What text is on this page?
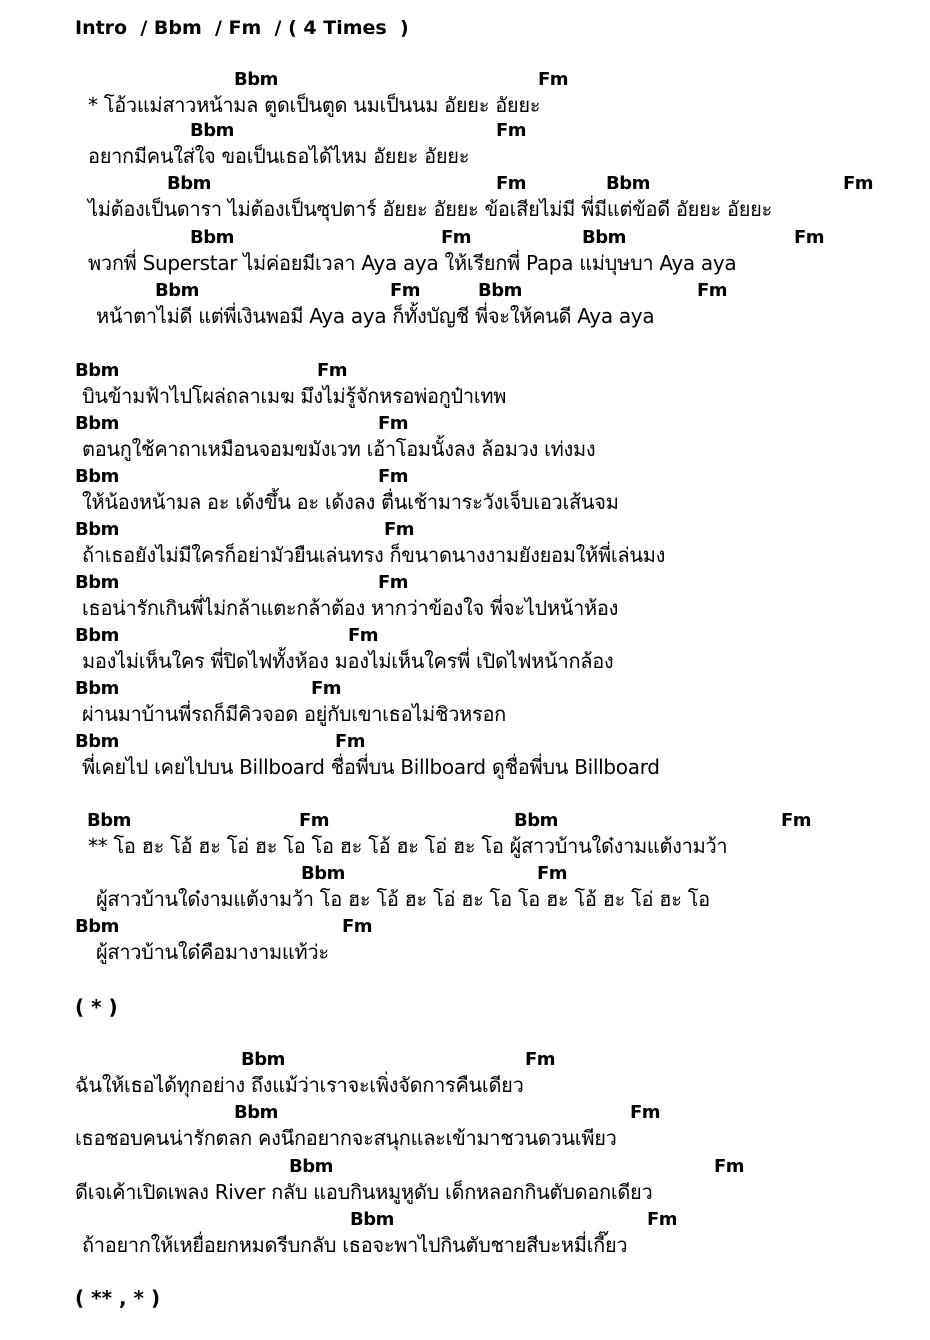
Intro  / Bbm  / Fm  / ( 4 Times  )
( * )
( ** , * )
Bbm	Fm
* โอ้วแม่สาวหน้ามล ตูดเป็นตูด นมเป็นนม อัยยะ อัยยะ
Bbm	Fm
อยากมีคนใส่ใจ ขอเป็นเธอได้ไหม อัยยะ อัยยะ
Bbm	Fm	Bbm	Fm
ไม่ต้องเป็นดารา ไม่ต้องเป็นซุปตาร์ อัยยะ อัยยะ ข้อเสียไม่มี พี่มีแต่ข้อดี อัยยะ อัยยะ
Bbm	Fm	Bbm	Fm
พวกพี่ Superstar ไม่ค่อยมีเวลา Aya aya ให้เรียกพี่ Papa แม่บุษบา Aya aya
Bbm	Fm	Bbm	Fm
หน้าตาไม่ดี แต่พี่เงินพอมี Aya aya ก็ทั้งบัญชี พี่จะให้คนดี Aya aya
Bbm	Fm
บินข้ามฟ้าไปโผล่ถลาเมฆ มึงไม่รู้จักหรอพ่อกูป๋าเทพ
Bbm	Fm
ตอนกูใช้คาถาเหมือนจอมขมังเวท เอ้าโอมนั้งลง ล้อมวง เท่งมง
Bbm	Fm
ให้น้องหน้ามล อะ เด้งขึ้น อะ เด้งลง ตื่นเช้ามาระวังเจ็บเอวเส้นจม
Bbm	Fm
ถ้าเธอยังไม่มีใครก็อย่ามัวยืนเล่นทรง ก็ขนาดนางงามยังยอมให้พี่เล่นมง
Bbm	Fm
เธอน่ารักเกินพี่ไม่กล้าแตะกล้าต้อง หากว่าข้องใจ พี่จะไปหน้าห้อง
Bbm	Fm
มองไม่เห็นใคร พี่ปิดไฟทั้งห้อง มองไม่เห็นใครพี่ เปิดไฟหน้ากล้อง
Bbm	Fm
ผ่านมาบ้านพี่รถก็มีคิวจอด อยู่กับเขาเธอไม่ชิวหรอก
Bbm	Fm
พี่เคยไป เคยไปบน Billboard ชื่อพี่บน Billboard ดูชื่อพี่บน Billboard
Bbm	Fm	Bbm	Fm
** โอ ฮะ โอ้ ฮะ โอ่ ฮะ โอ โอ ฮะ โอ้ ฮะ โอ่ ฮะ โอ ผู้สาวบ้านใด๋งามแต้งามว้า
Bbm	Fm
ผู้สาวบ้านใด๋งามแต้งามว้า โอ ฮะ โอ้ ฮะ โอ่ ฮะ โอ โอ ฮะ โอ้ ฮะ โอ่ ฮะ โอ
Bbm	Fm
ผู้สาวบ้านใด๋คือมางามแท้ว่ะ
Bbm	Fm
ฉันให้เธอได้ทุกอย่าง ถึงแม้ว่าเราจะเพิ่งจัดการคืนเดียว
Bbm	Fm
เธอชอบคนน่ารักตลก คงนึกอยากจะสนุกและเข้ามาชวนดวนเพียว
Bbm	Fm
ดีเจเค้าเปิดเพลง River กลับ แอบกินหมูหูดับ เด็กหลอกกินตับดอกเดียว
Bbm	Fm
ถ้าอยากให้เหยื่อยกหมดรีบกลับ เธอจะพาไปกินตับชายสีบะหมี่เกี๊ยว
